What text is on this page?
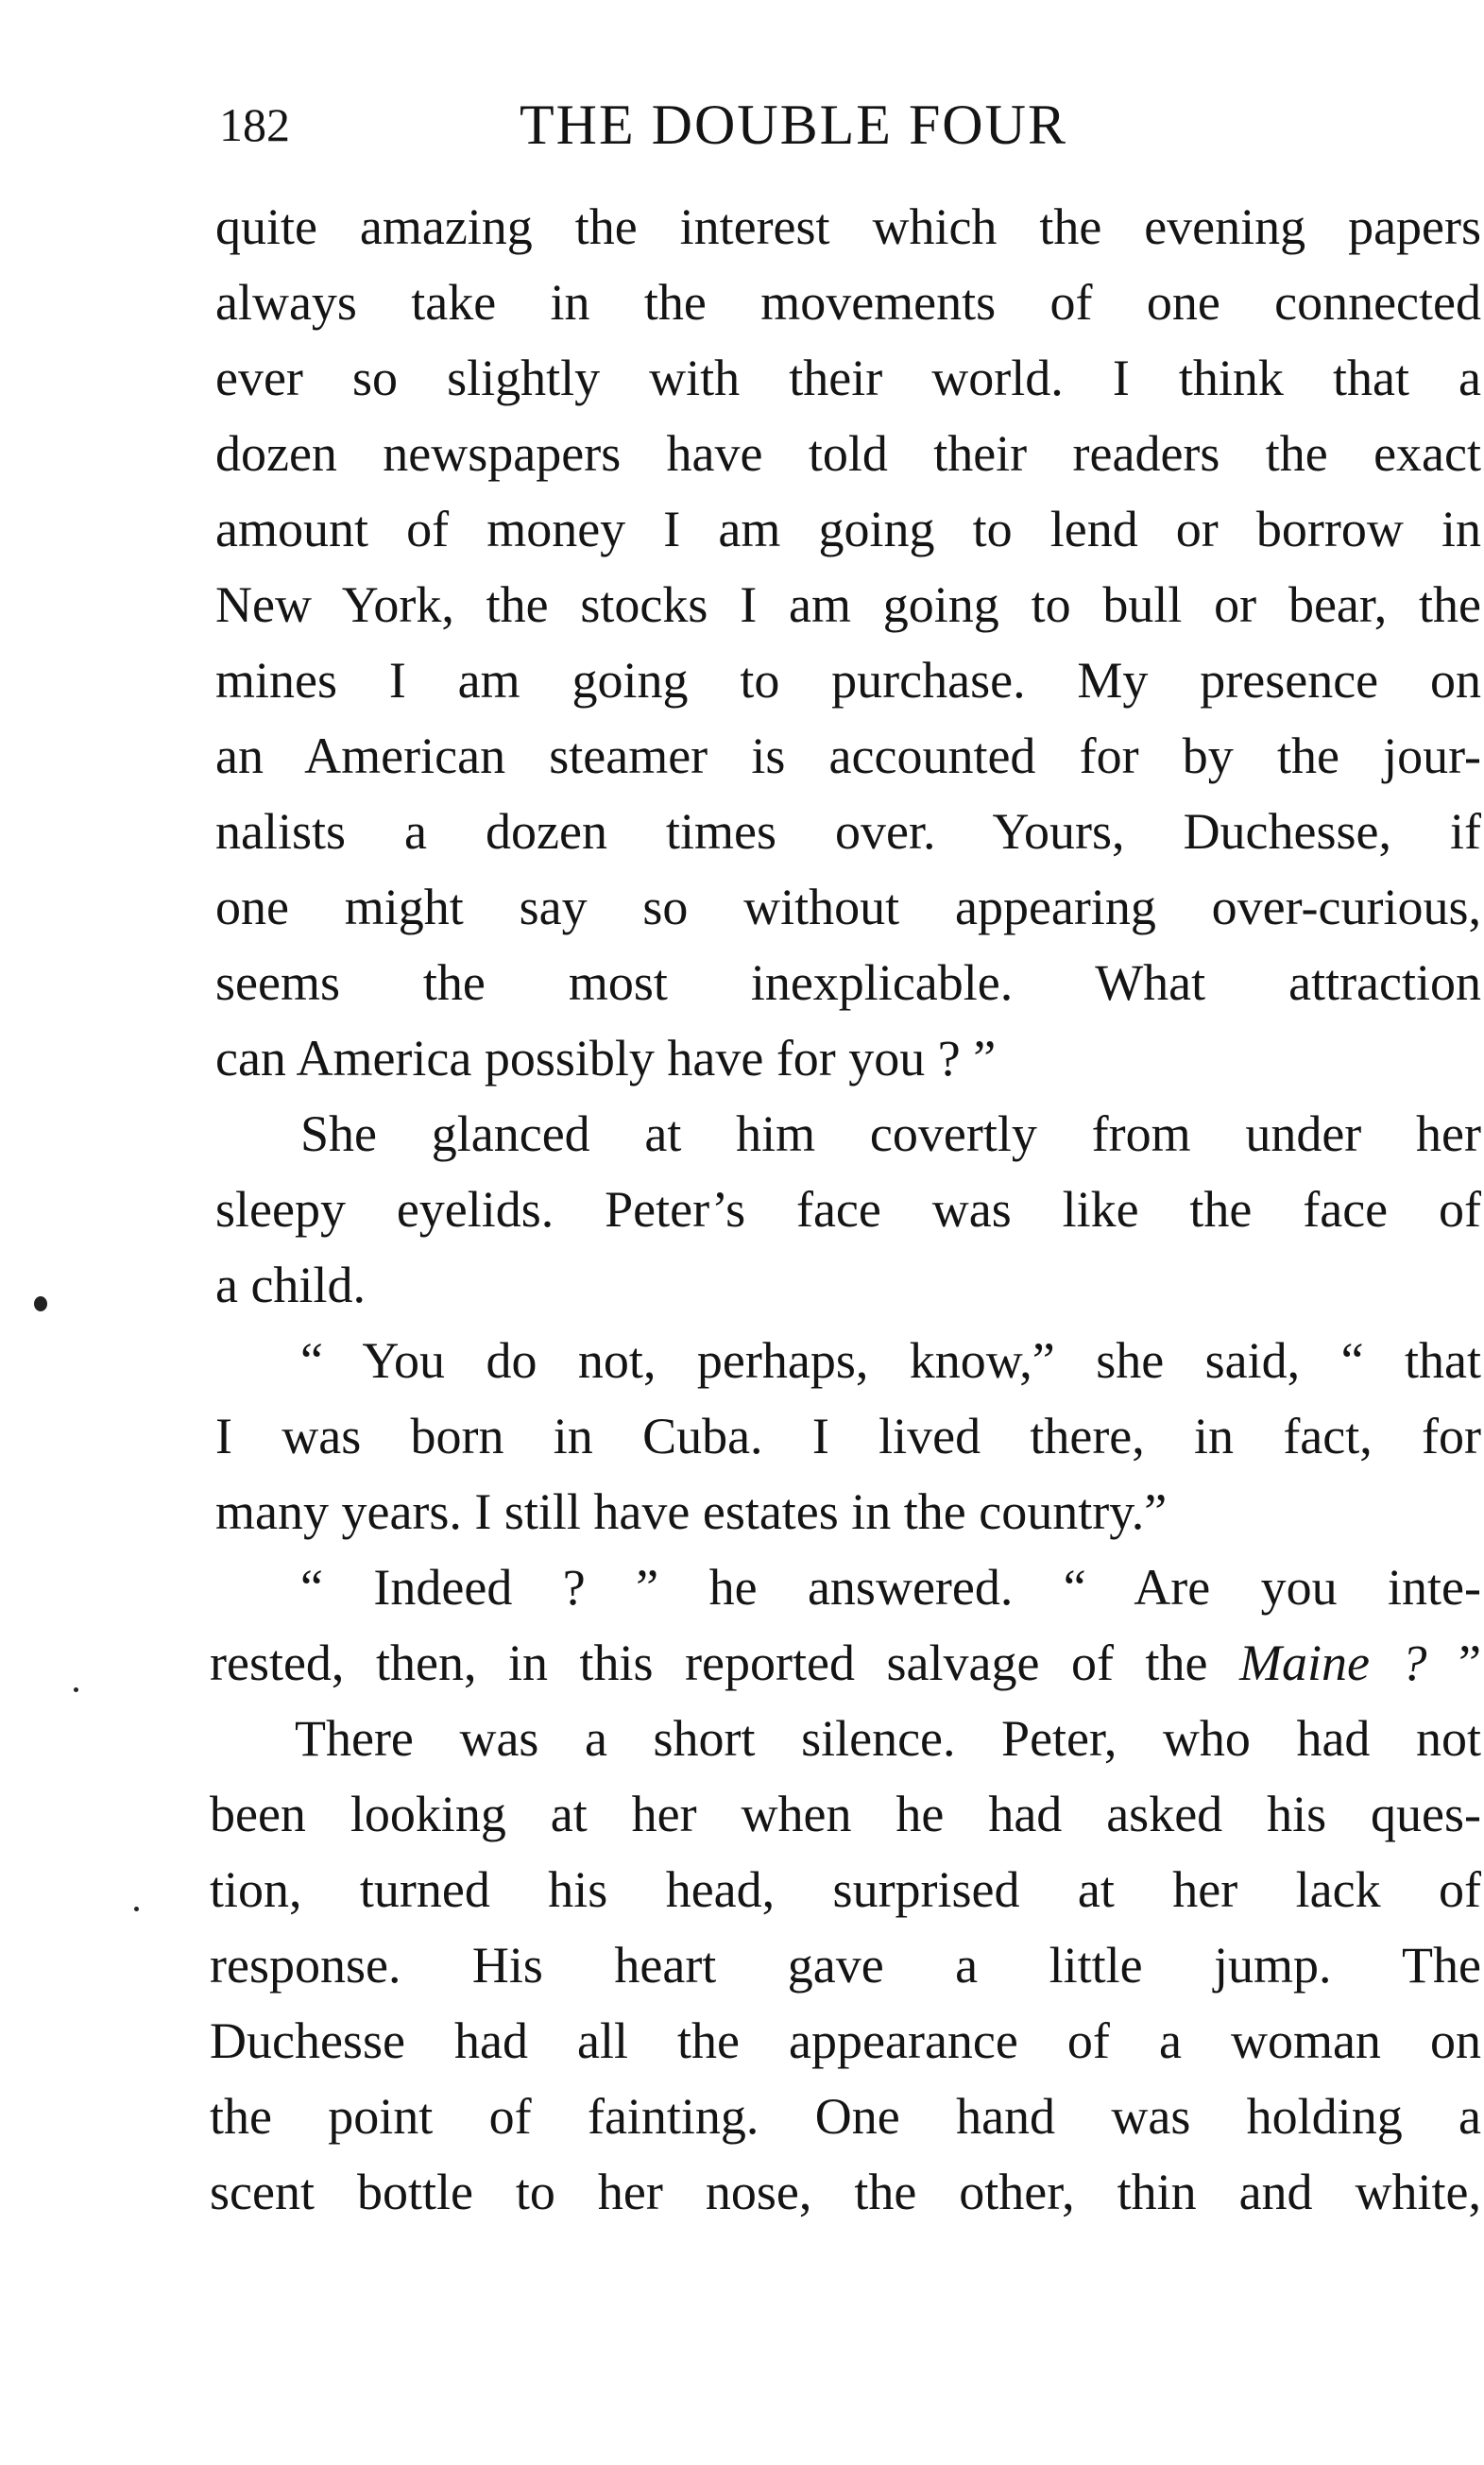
182	THE DOUBLE FOUR
quite amazing the interest which the evening papers
always take in the movements of one connected
ever so slightly with their world. I think that a
dozen newspapers have told their readers the exact
amount of money I am going to lend or borrow in
New York, the stocks I am going to bull or bear, the
mines I am going to purchase. My presence on
an American steamer is accounted for by the jour-
nalists a dozen times over. Yours, Duchesse, if
one might say so without appearing over-curious,
seems the most inexplicable. What attraction
can America possibly have for you ? ”
She glanced at him covertly from under her
sleepy eyelids. Peter’s face was like the face of
a child.
“ You do not, perhaps, know,” she said, “ that
I was born in Cuba. I lived there, in fact, for
many years. I still have estates in the country.”
“ Indeed ? ” he answered. “ Are you inte-
rested, then, in this reported salvage of the Maine ? ”
There was a short silence. Peter, who had not
been looking at her when he had asked his ques-
tion, turned his head, surprised at her lack of
response. His heart gave a little jump. The
Duchesse had all the appearance of a woman on
the point of fainting. One hand was holding a
scent bottle to her nose, the other, thin and white,
